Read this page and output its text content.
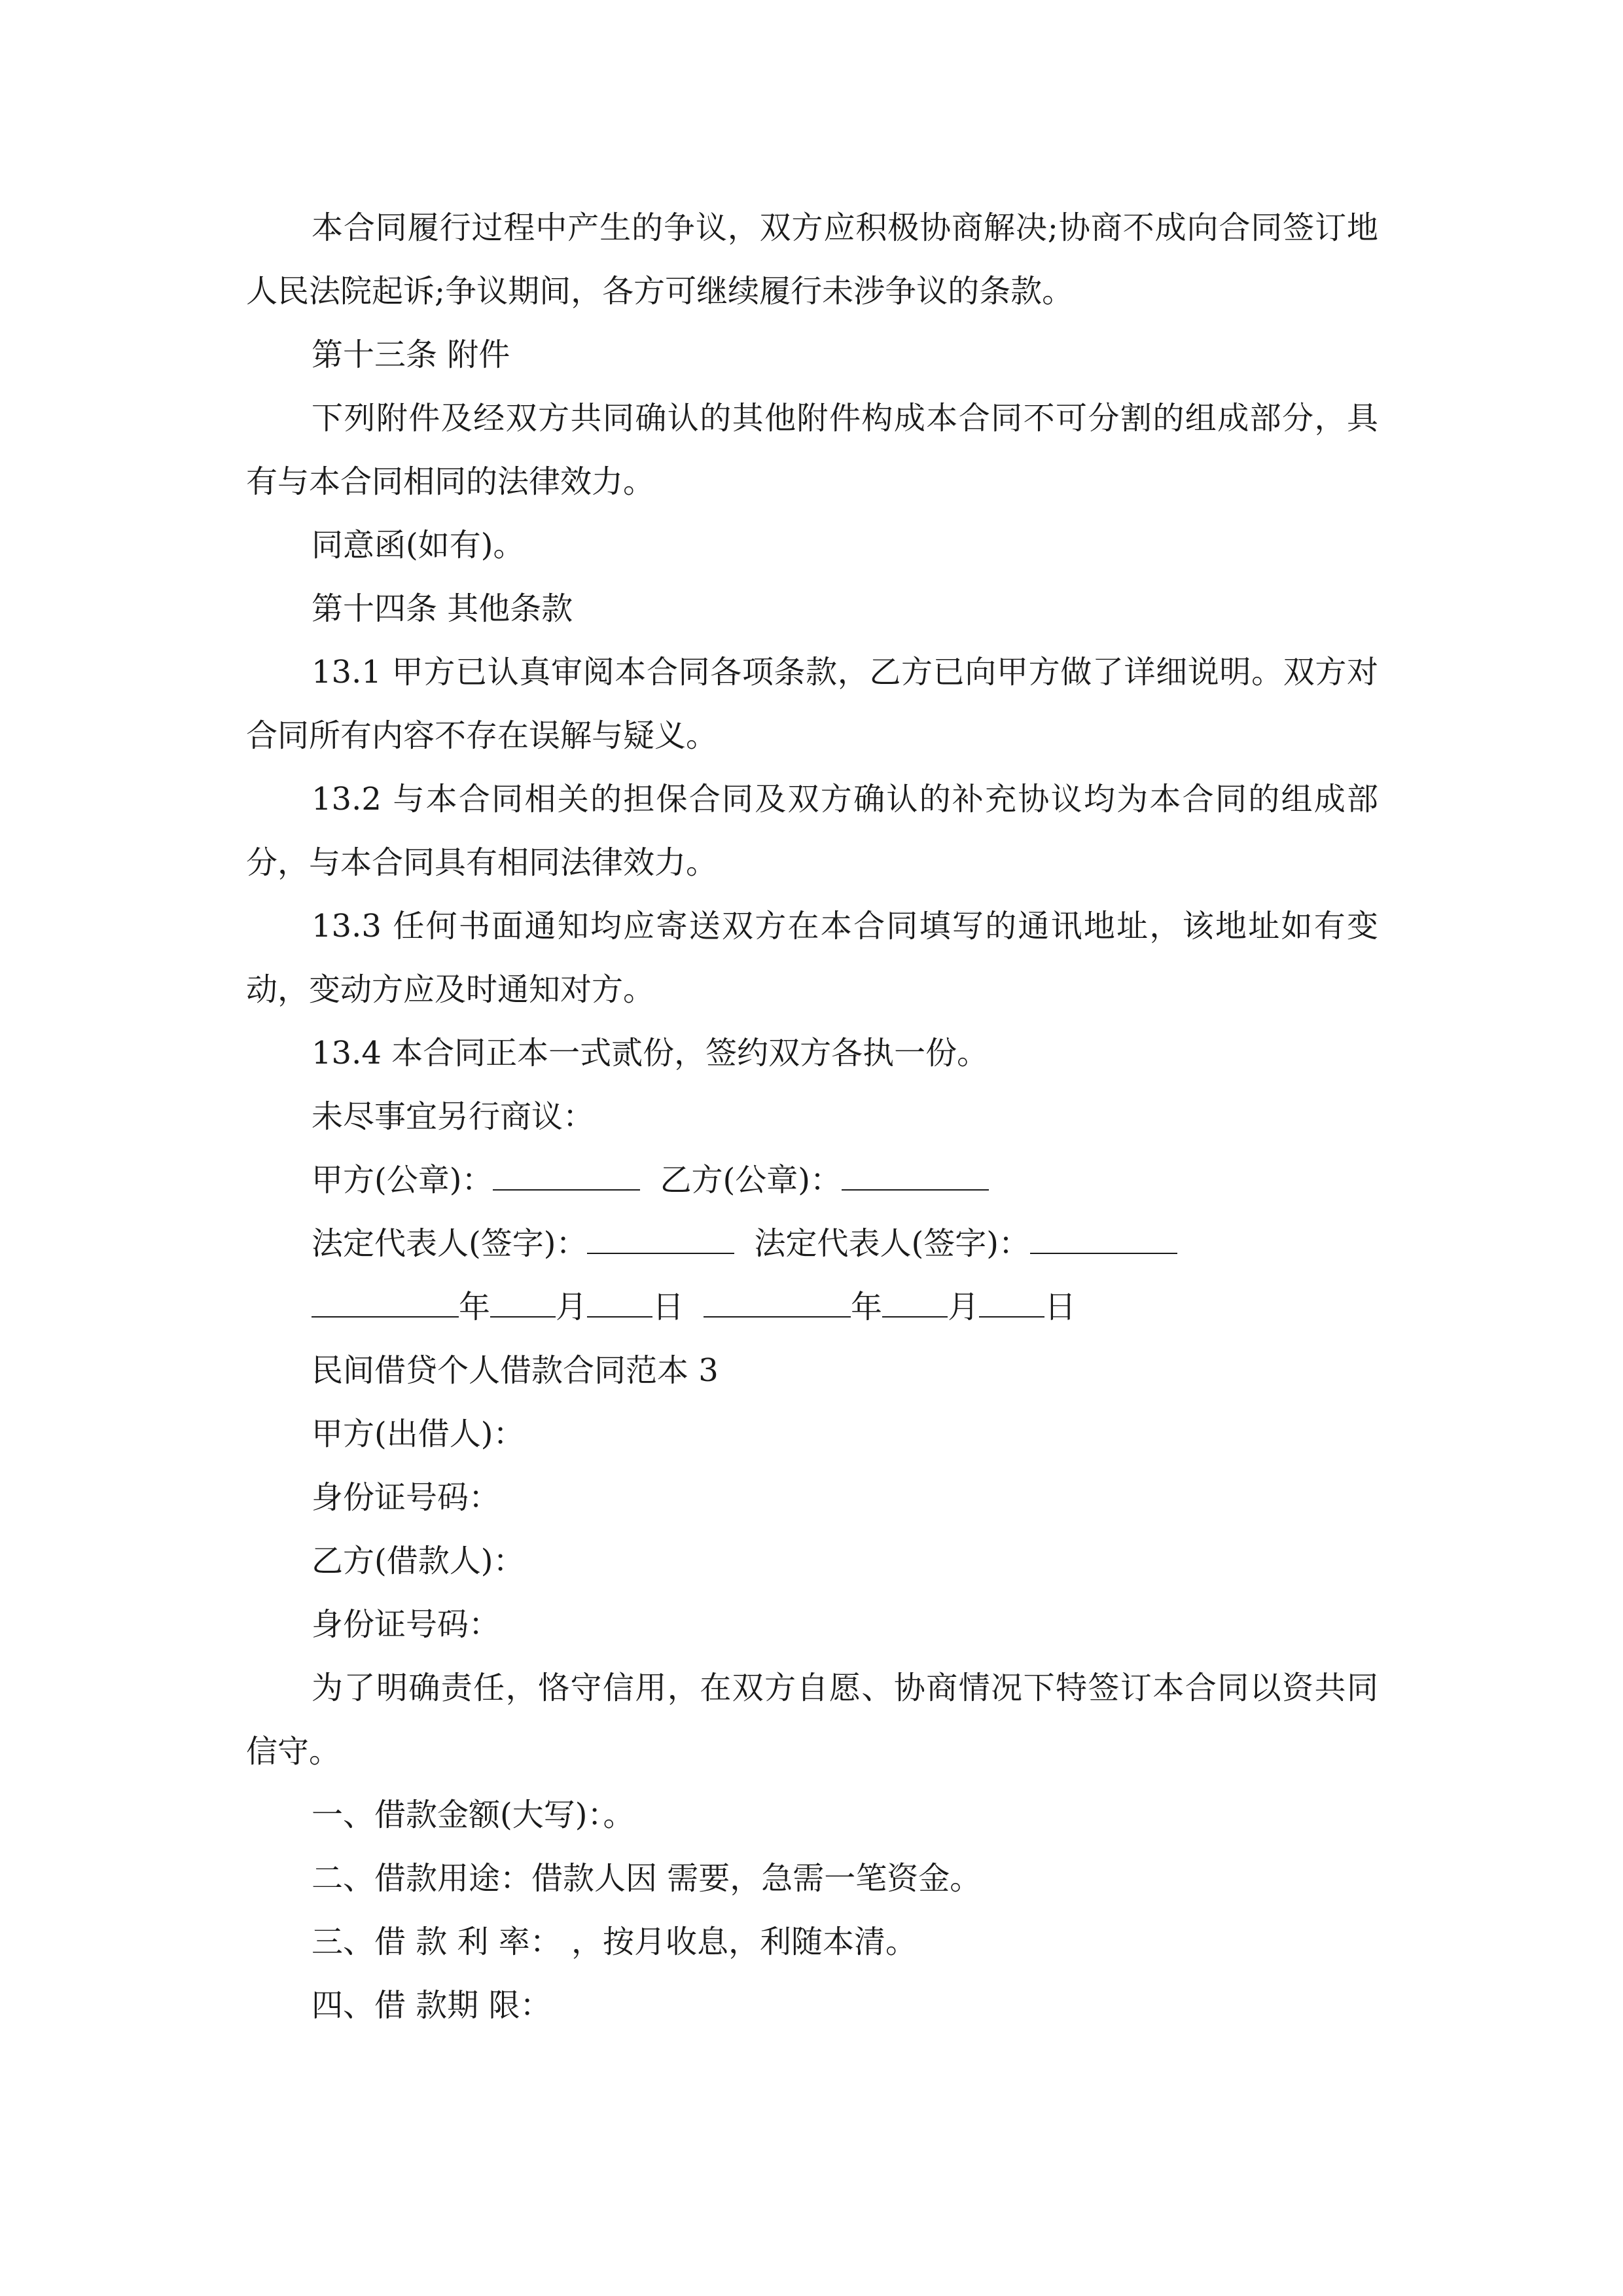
本合同履行过程中产生的争议，双方应积极协商解决;协商不成向合同签订地人民法院起诉;争议期间，各方可继续履行未涉争议的条款。

第十三条 附件

下列附件及经双方共同确认的其他附件构成本合同不可分割的组成部分，具有与本合同相同的法律效力。

同意函(如有)。

第十四条 其他条款

13.1 甲方已认真审阅本合同各项条款，乙方已向甲方做了详细说明。双方对合同所有内容不存在误解与疑义。

13.2 与本合同相关的担保合同及双方确认的补充协议均为本合同的组成部分，与本合同具有相同法律效力。

13.3 任何书面通知均应寄送双方在本合同填写的通讯地址，该地址如有变动，变动方应及时通知对方。

13.4 本合同正本一式贰份，签约双方各执一份。

未尽事宜另行商议：

甲方(公章)：	乙方(公章)：

法定代表人(签字)：	法定代表人(签字)：

年 月 日	年 月 日

民间借贷个人借款合同范本 3

甲方(出借人)：

身份证号码：

乙方(借款人)：

身份证号码：

为了明确责任，恪守信用，在双方自愿、协商情况下特签订本合同以资共同信守。

一、借款金额(大写)：。

二、借款用途：借款人因 需要，急需一笔资金。

三、借 款 利 率： ，按月收息，利随本清。

四、借 款期 限：
